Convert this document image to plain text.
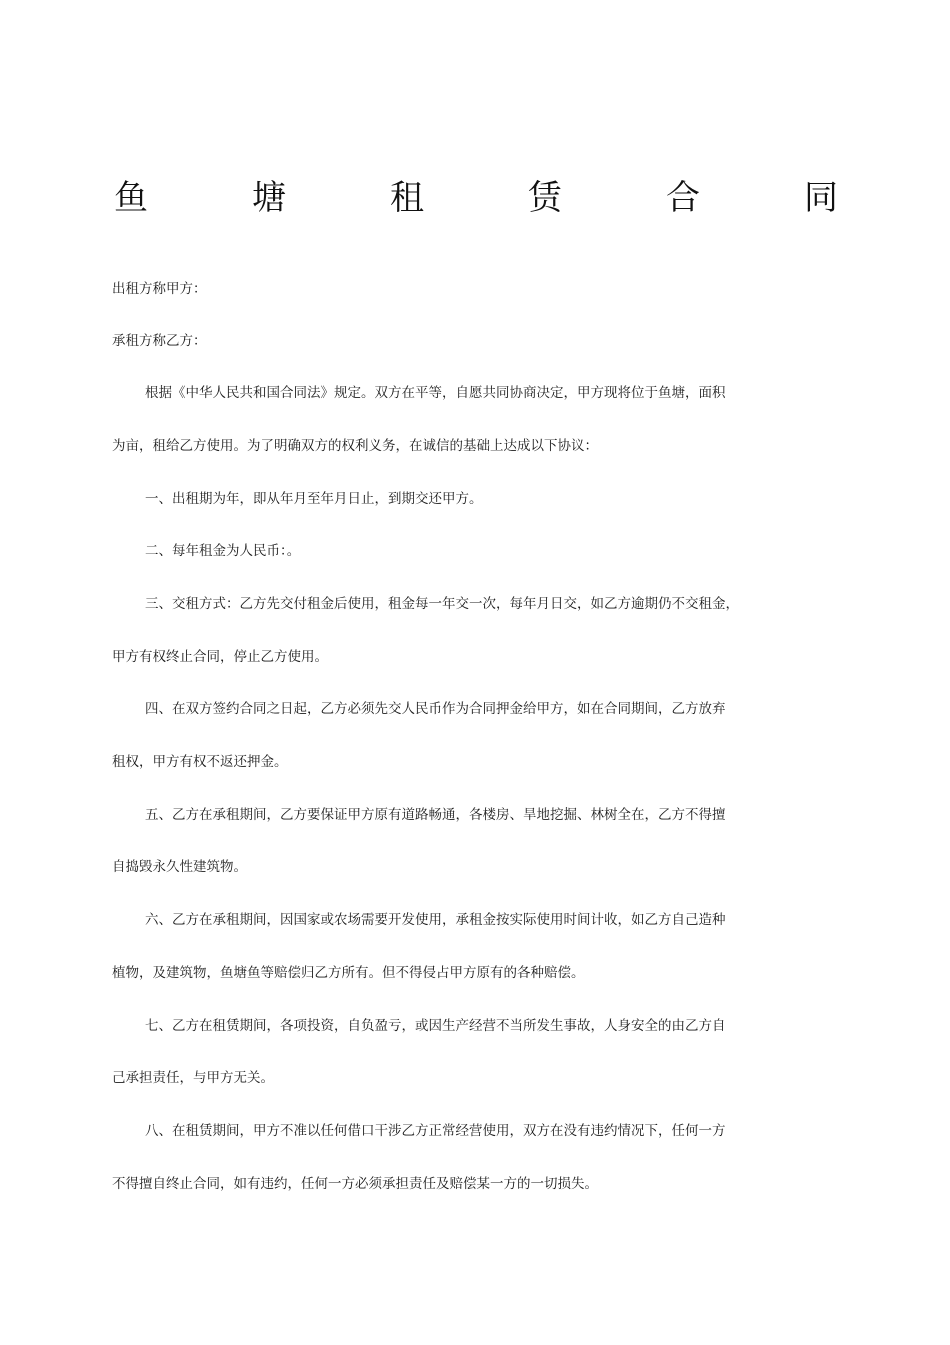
鱼	塘	租	赁	合	同
出租方称甲方：
承租方称乙方：
根据《中华人民共和国合同法》规定。双方在平等，自愿共同协商决定，甲方现将位于鱼塘，面积
为亩，租给乙方使用。为了明确双方的权利义务，在诚信的基础上达成以下协议：
一、出租期为年，即从年月至年月日止，到期交还甲方。
二、每年租金为人民币：。
三、交租方式：乙方先交付租金后使用，租金每一年交一次，每年月日交，如乙方逾期仍不交租金，
甲方有权终止合同，停止乙方使用。
四、在双方签约合同之日起，乙方必须先交人民币作为合同押金给甲方，如在合同期间，乙方放弃
租权，甲方有权不返还押金。
五、乙方在承租期间，乙方要保证甲方原有道路畅通，各楼房、旱地挖掘、林树全在，乙方不得擅
自捣毁永久性建筑物。
六、乙方在承租期间，因国家或农场需要开发使用，承租金按实际使用时间计收，如乙方自己造种
植物，及建筑物，鱼塘鱼等赔偿归乙方所有。但不得侵占甲方原有的各种赔偿。
七、乙方在租赁期间，各项投资，自负盈亏，或因生产经营不当所发生事故，人身安全的由乙方自
己承担责任，与甲方无关。
八、在租赁期间，甲方不准以任何借口干涉乙方正常经营使用，双方在没有违约情况下，任何一方
不得擅自终止合同，如有违约，任何一方必须承担责任及赔偿某一方的一切损失。
